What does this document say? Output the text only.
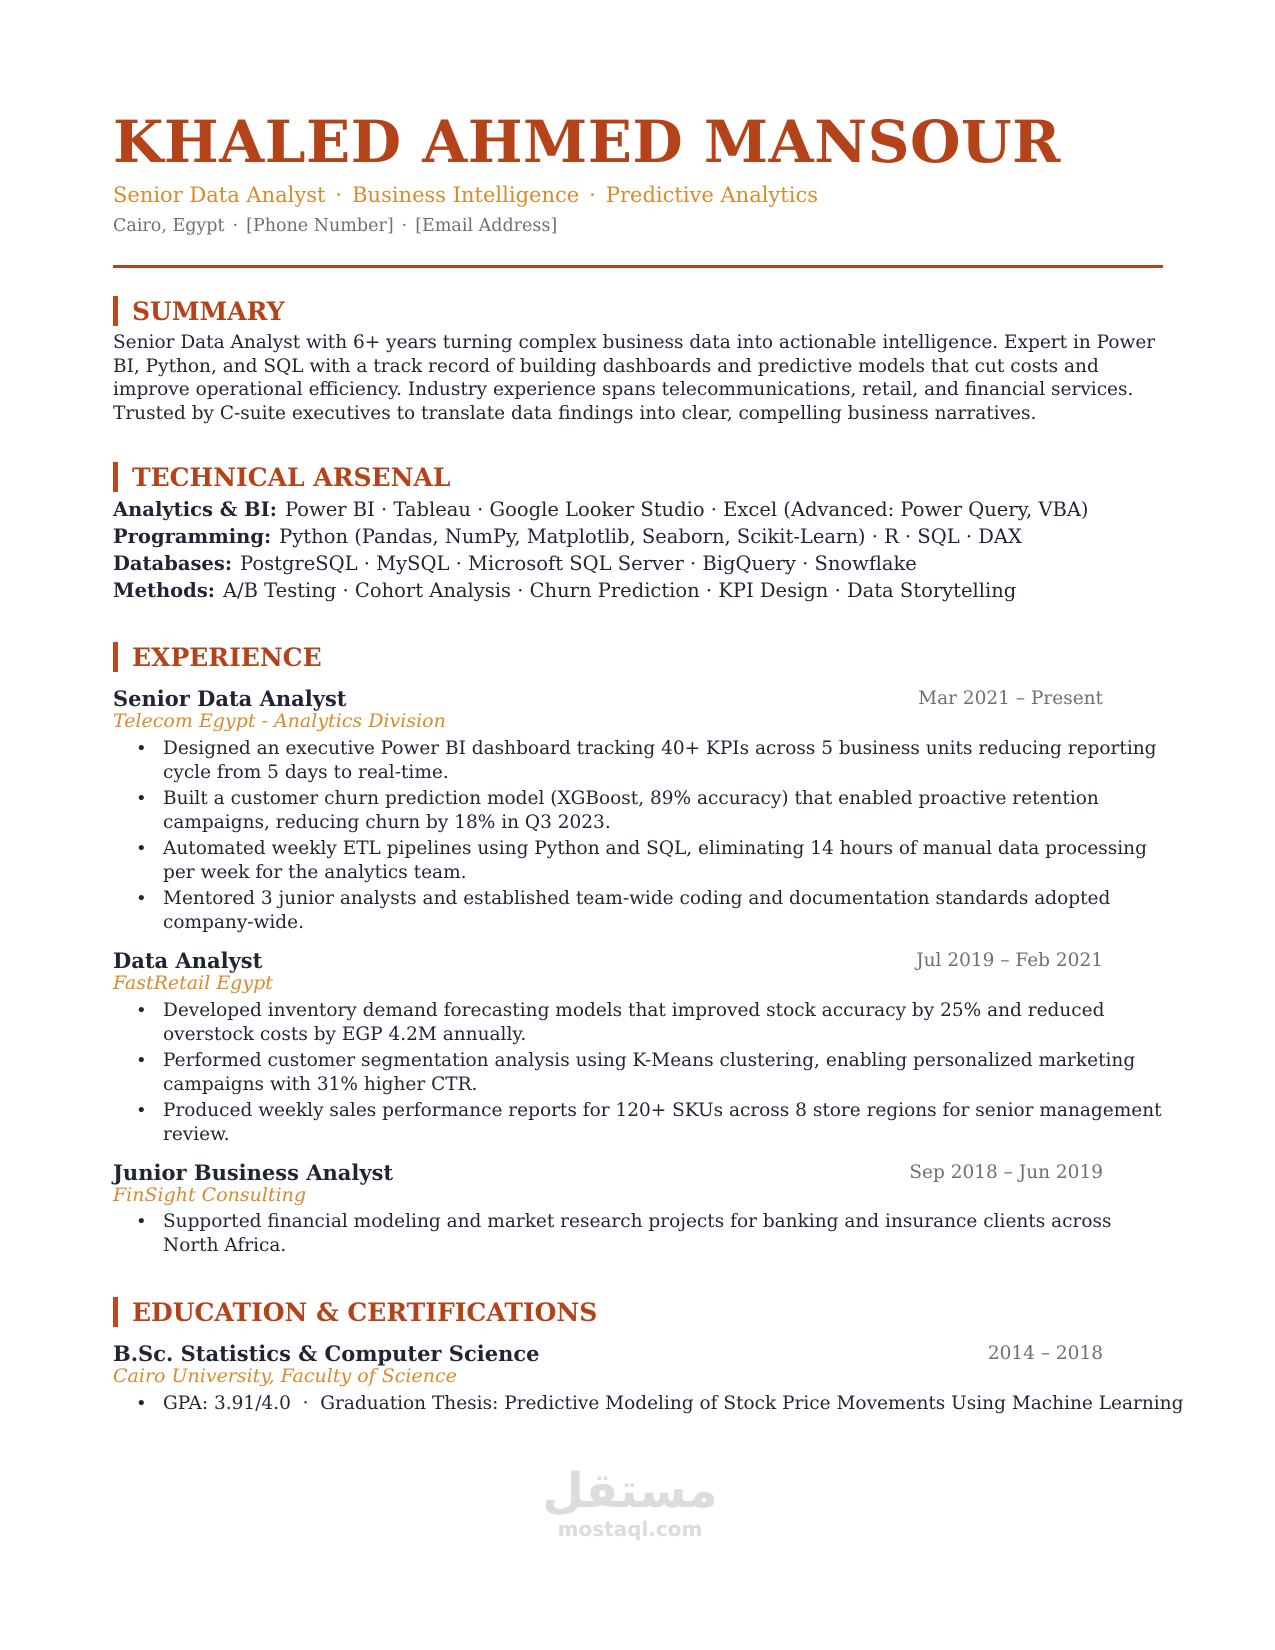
KHALED AHMED MANSOUR
Senior Data Analyst · Business Intelligence · Predictive Analytics
Cairo, Egypt · [Phone Number] · [Email Address]
SUMMARY
Senior Data Analyst with 6+ years turning complex business data into actionable intelligence. Expert in Power BI, Python, and SQL with a track record of building dashboards and predictive models that cut costs and improve operational efficiency. Industry experience spans telecommunications, retail, and financial services. Trusted by C-suite executives to translate data findings into clear, compelling business narratives.
TECHNICAL ARSENAL
Analytics & BI: Power BI · Tableau · Google Looker Studio · Excel (Advanced: Power Query, VBA)
Programming: Python (Pandas, NumPy, Matplotlib, Seaborn, Scikit-Learn) · R · SQL · DAX
Databases: PostgreSQL · MySQL · Microsoft SQL Server · BigQuery · Snowflake
Methods: A/B Testing · Cohort Analysis · Churn Prediction · KPI Design · Data Storytelling
EXPERIENCE
Senior Data Analyst	Mar 2021 – Present
Telecom Egypt - Analytics Division
• Designed an executive Power BI dashboard tracking 40+ KPIs across 5 business units reducing reporting cycle from 5 days to real-time.
• Built a customer churn prediction model (XGBoost, 89% accuracy) that enabled proactive retention campaigns, reducing churn by 18% in Q3 2023.
• Automated weekly ETL pipelines using Python and SQL, eliminating 14 hours of manual data processing per week for the analytics team.
• Mentored 3 junior analysts and established team-wide coding and documentation standards adopted company-wide.
Data Analyst	Jul 2019 – Feb 2021
FastRetail Egypt
• Developed inventory demand forecasting models that improved stock accuracy by 25% and reduced overstock costs by EGP 4.2M annually.
• Performed customer segmentation analysis using K-Means clustering, enabling personalized marketing campaigns with 31% higher CTR.
• Produced weekly sales performance reports for 120+ SKUs across 8 store regions for senior management review.
Junior Business Analyst	Sep 2018 – Jun 2019
FinSight Consulting
• Supported financial modeling and market research projects for banking and insurance clients across North Africa.
EDUCATION & CERTIFICATIONS
B.Sc. Statistics & Computer Science	2014 – 2018
Cairo University, Faculty of Science
• GPA: 3.91/4.0  ·  Graduation Thesis: Predictive Modeling of Stock Price Movements Using Machine Learning
مستقل
mostaql.com
